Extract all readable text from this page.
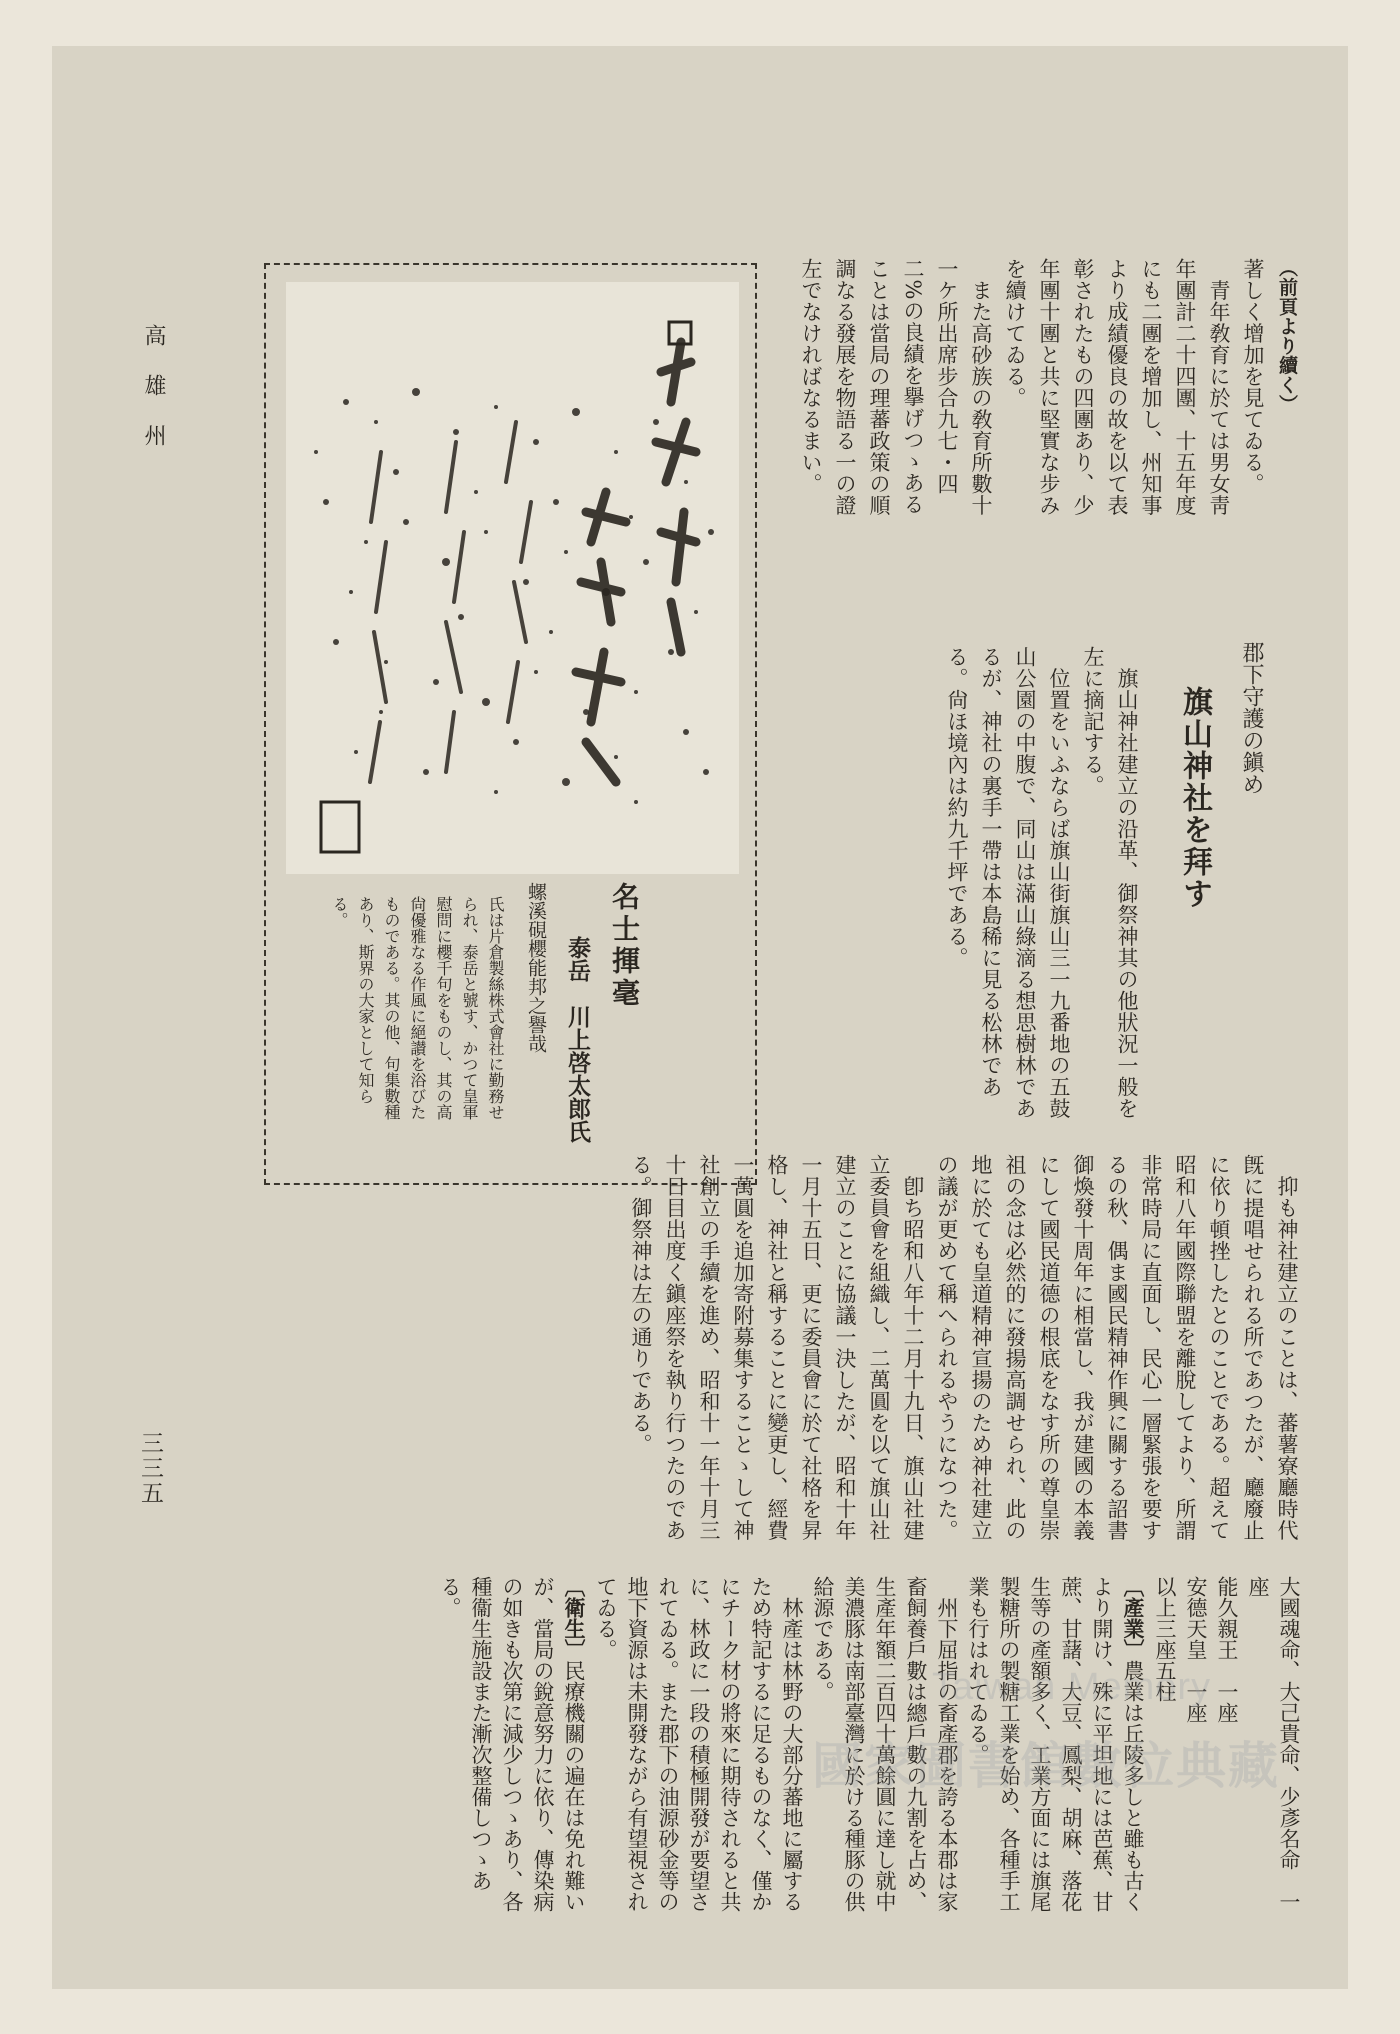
高雄州
三三五
（前頁より續く）
著しく增加を見てゐる。
　青年敎育に於ては男女靑年團計二十四團、十五年度にも二團を增加し、州知事より成績優良の故を以て表彰されたもの四團あり、少年團十團と共に堅實な步みを續けてゐる。
　また高砂族の敎育所數十一ケ所出席步合九七・四二%の良績を擧げつゝあることは當局の理蕃政策の順調なる發展を物語る一の證左でなければなるまい。
郡下守護の鎭め
旗山神社を拜す
　旗山神社建立の沿革、御祭神其の他狀況一般を左に摘記する。
　位置をいふならば旗山街旗山三一九番地の五鼓山公園の中腹で、同山は滿山綠滴る想思樹林であるが、神社の裏手一帶は本島稀に見る松林である。尙ほ境內は約九千坪である。
名士揮毫
泰岳　川上啓太郎氏
螺溪硯櫻能邦之譽哉
氏は片倉製絲株式會社に勤務せられ、泰岳と號す、かつて皇軍慰問に櫻千句をものし、其の高尙優雅なる作風に絕讃を浴びたものである。其の他、句集數種あり、斯界の大家として知らる。
　抑も神社建立のことは、蕃薯寮廳時代旣に提唱せられる所であつたが、廳廢止に依り頓挫したとのことである。超えて昭和八年國際聯盟を離脫してより、所謂非常時局に直面し、民心一層緊張を要するの秋、偶ま國民精神作興に關する詔書御煥發十周年に相當し、我が建國の本義にして國民道德の根底をなす所の尊皇崇祖の念は必然的に發揚高調せられ、此の地に於ても皇道精神宣揚のため神社建立の議が更めて稱へられるやうになつた。
　卽ち昭和八年十二月十九日、旗山社建立委員會を組織し、二萬圓を以て旗山社建立のことに協議一決したが、昭和十年一月十五日、更に委員會に於て社格を昇格し、神社と稱することに變更し、經費一萬圓を追加寄附募集することゝして神社創立の手續を進め、昭和十一年十月三十日目出度く鎭座祭を執り行つたのである。御祭神は左の通りである。
大國魂命、大己貴命、少彥名命　一座
能久親王　一座
安德天皇　一座
以上三座五柱
〔產業〕農業は丘陵多しと雖も古くより開け、殊に平坦地には芭蕉、甘蔗、甘藷、大豆、鳳梨、胡麻、落花生等の產額多く、工業方面には旗尾製糖所の製糖工業を始め、各種手工業も行はれてゐる。
　州下屈指の畜產郡を誇る本郡は家畜飼養戶數は總戶數の九割を占め、生產年額二百四十萬餘圓に達し就中美濃豚は南部臺灣に於ける種豚の供給源である。
　林產は林野の大部分蕃地に屬するため特記するに足るものなく、僅かにチーク材の將來に期待されると共に、林政に一段の積極開發が要望されてゐる。また郡下の油源砂金等の地下資源は未開發ながら有望視されてゐる。
〔衛生〕民療機關の遍在は免れ難いが、當局の銳意努力に依り、傳染病の如きも次第に減少しつゝあり、各種衞生施設また漸次整備しつゝある。
Taiwan Memory
國家圖書館數位典藏
